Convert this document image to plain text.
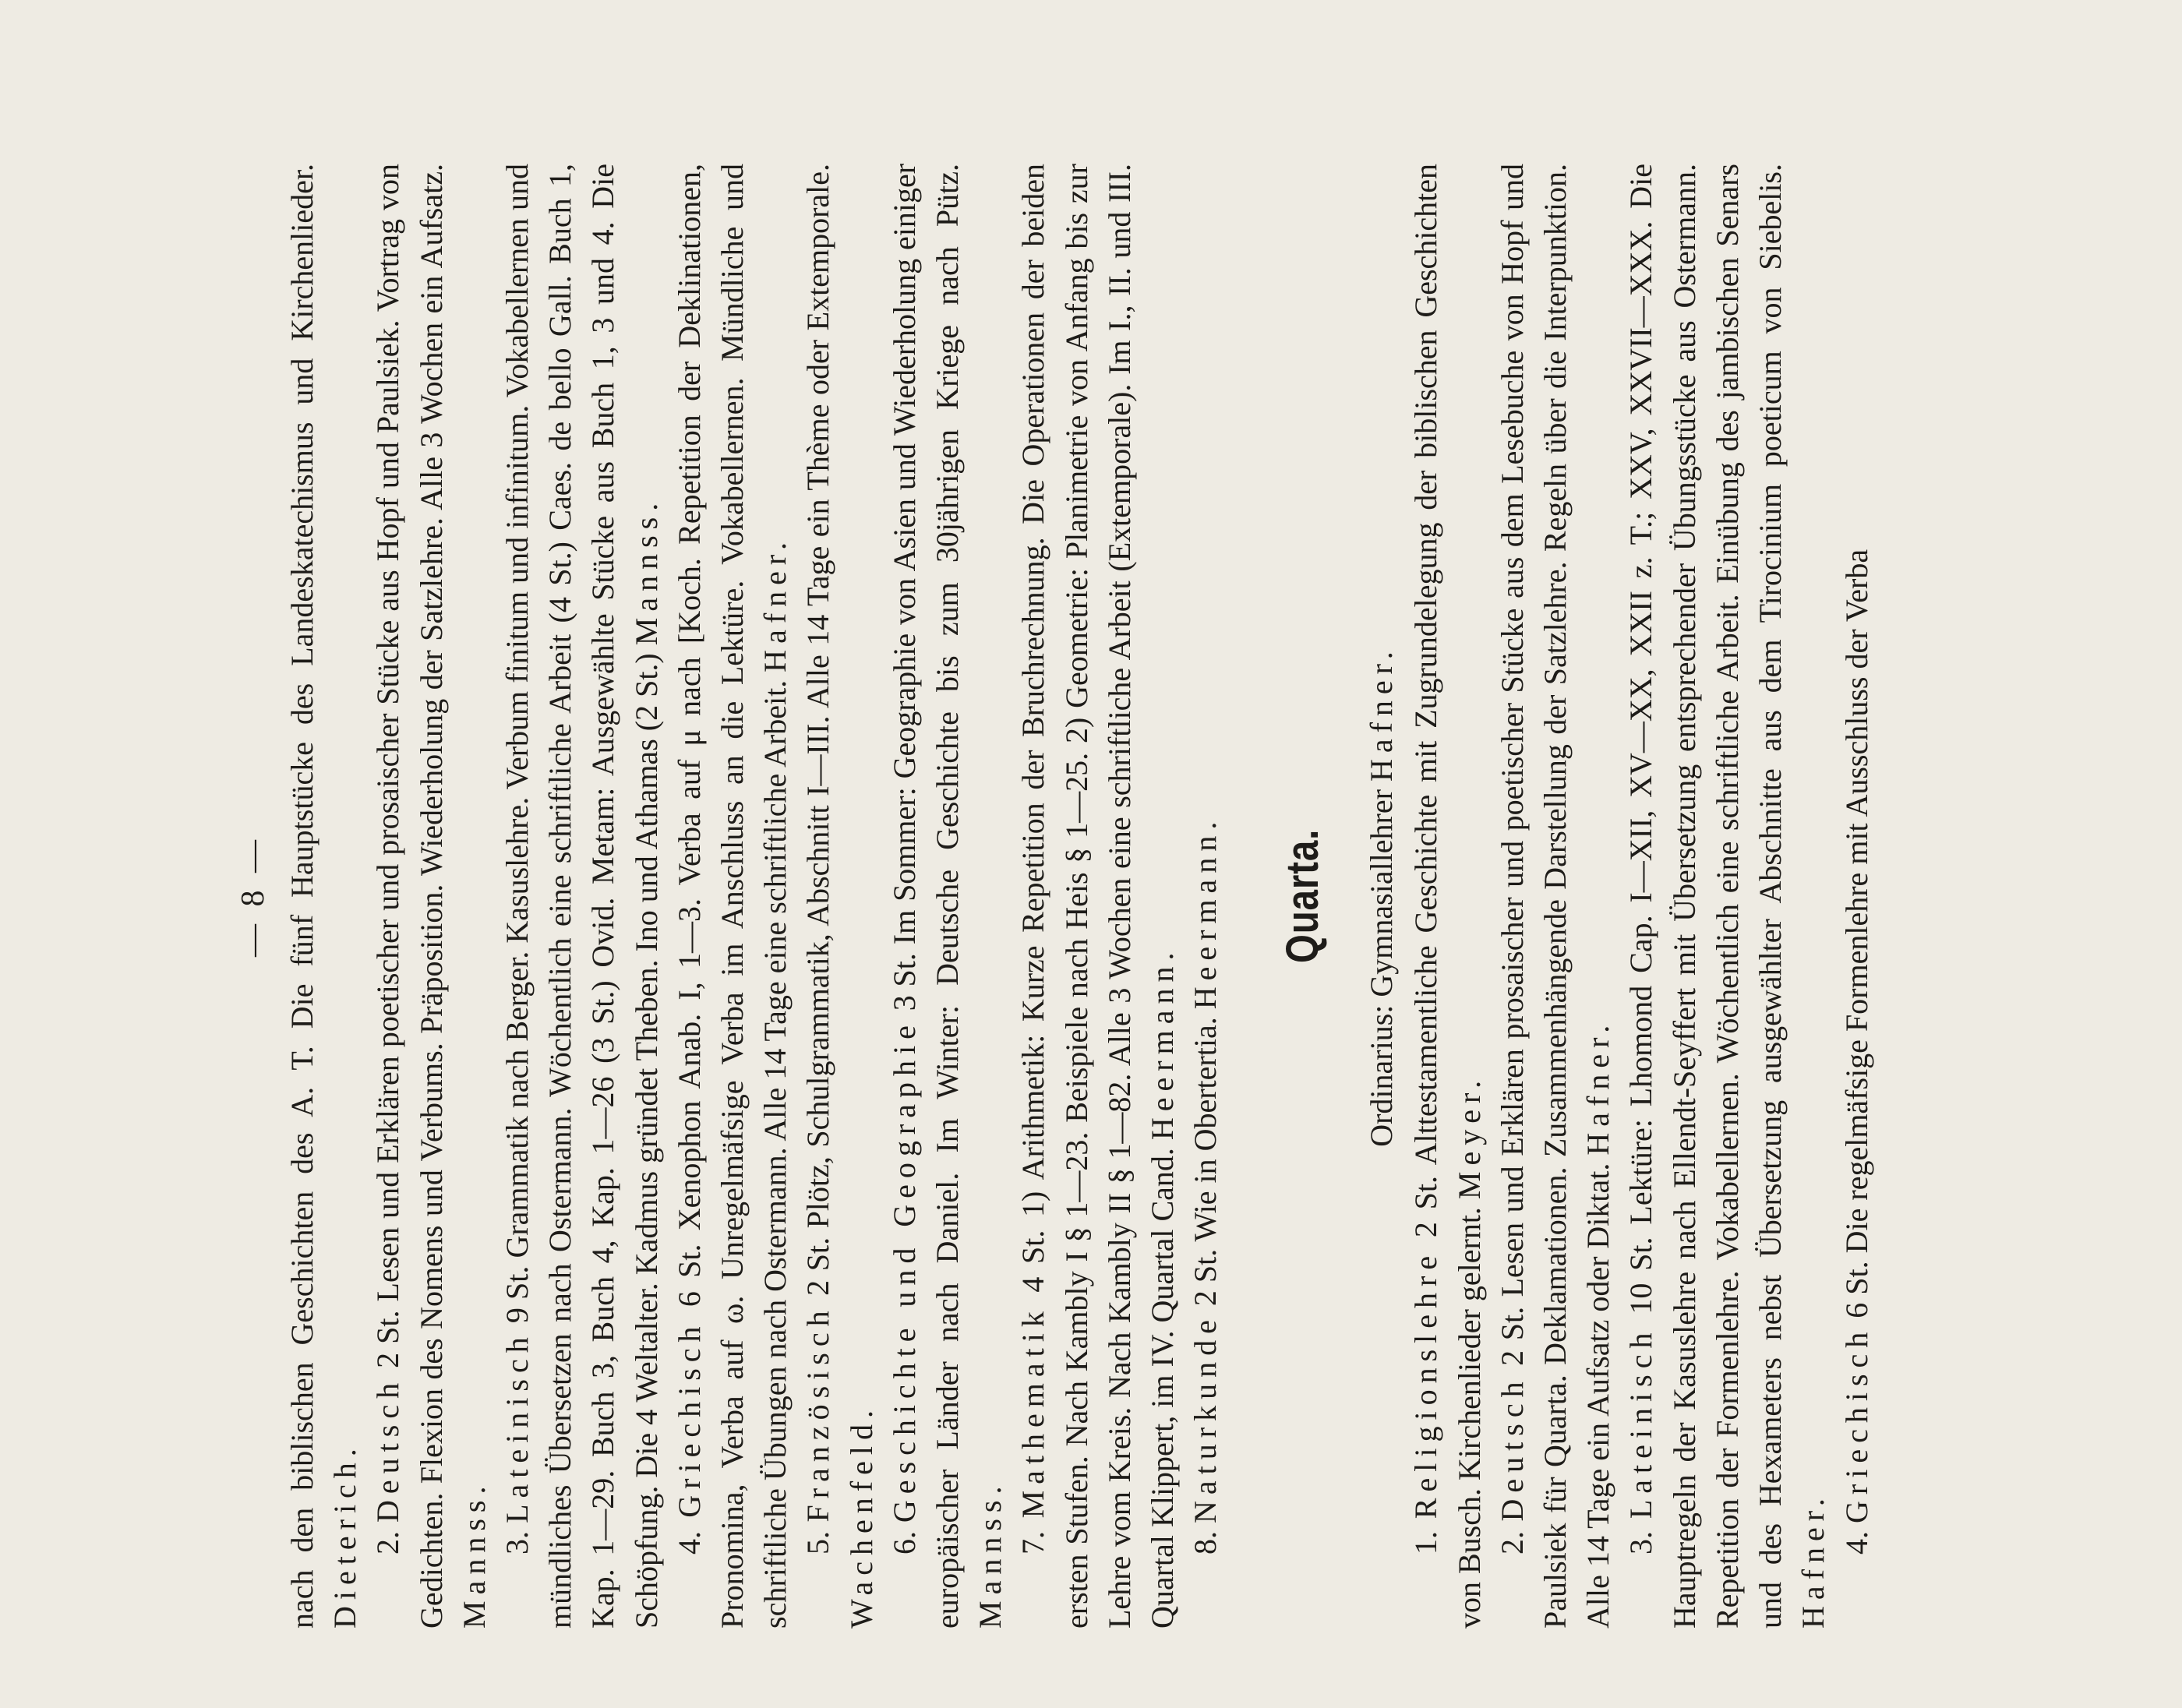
— 8 — nach den biblischen Geschichten des A. T. Die fünf Hauptstücke des Landeskatechismus und Kirchenlieder. Dieterich. 2. Deutsch 2 St. Lesen und Erklären poetischer und prosaischer Stücke aus Hopf und Paulsiek. Vortrag von Gedichten. Flexion des Nomens und Verbums. Präposition. Wiederholung der Satzlehre. Alle 3 Wochen ein Aufsatz. Mannss. 3. Lateinisch 9 St. Grammatik nach Berger. Kasuslehre. Verbum finitum und infinitum. Vokabellernen und mündliches Übersetzen nach Ostermann. Wöchentlich eine schriftliche Arbeit (4 St.) Caes. de bello Gall. Buch 1, Kap. 1—29. Buch 3, Buch 4, Kap. 1—26 (3 St.) Ovid. Metam: Ausgewählte Stücke aus Buch 1, 3 und 4. Die Schöpfung. Die 4 Weltalter. Kadmus gründet Theben. Ino und Athamas (2 St.) Mannss.

4. Griechisch 6 St. Xenophon Anab. I, 1—3. Verba auf μ nach [Koch. Repetition der Deklinationen, Pronomina, Verba auf ω. Unregelmäfsige Verba im Anschluss an die Lektüre. Vokabellernen. Mündliche und schriftliche Übungen nach Ostermann. Alle 14 Tage eine schriftliche Arbeit. Hafner.

5. Französisch 2 St. Plötz, Schulgrammatik, Abschnitt I—III. Alle 14 Tage ein Thème oder Extemporale. Wachenfeld. 6. Geschichte und Geographie 3 St. Im Sommer: Geographie von Asien und Wiederholung einiger europäischer Länder nach Daniel. Im Winter: Deutsche Geschichte bis zum 30jährigen Kriege nach Pütz. Mannss. 7. Mathematik 4 St. 1) Arithmetik: Kurze Repetition der Bruchrechnung. Die Operationen der beiden ersten Stufen. Nach Kambly I § 1—23. Beispiele nach Heis § 1—25. 2) Geometrie: Planimetrie von Anfang bis zur Lehre vom Kreis. Nach Kambly II § 1—82. Alle 3 Wochen eine schriftliche Arbeit (Extemporale). Im I., II. und III. Quartal Klippert, im IV. Quartal Cand. Heermann.

8. Naturkunde 2 St. Wie in Obertertia. Heermann. Quarta. Ordinarius: Gymnasiallehrer Hafner.

1. Religionslehre 2 St. Alttestamentliche Geschichte mit Zugrundelegung der biblischen Geschichten von Busch. Kirchenlieder gelernt. Meyer.

2. Deutsch 2 St. Lesen und Erklären prosaischer und poetischer Stücke aus dem Lesebuche von Hopf und Paulsiek für Quarta. Deklamationen. Zusammenhängende Darstellung der Satzlehre. Regeln über die Interpunktion. Alle 14 Tage ein Aufsatz oder Diktat. Hafner.

3. Lateinisch 10 St. Lektüre: Lhomond Cap. I—XII, XV—XX, XXII z. T.; XXV, XXVII—XXX. Die Hauptregeln der Kasuslehre nach Ellendt-Seyffert mit Übersetzung entsprechender Übungsstücke aus Ostermann. Repetition der Formenlehre. Vokabellernen. Wöchentlich eine schriftliche Arbeit. Einübung des jambischen Senars und des Hexameters nebst Übersetzung ausgewählter Abschnitte aus dem Tirocinium poeticum von Siebelis. Hafner. 4. Griechisch 6 St. Die regelmäfsige Formenlehre mit Ausschluss der Verba
